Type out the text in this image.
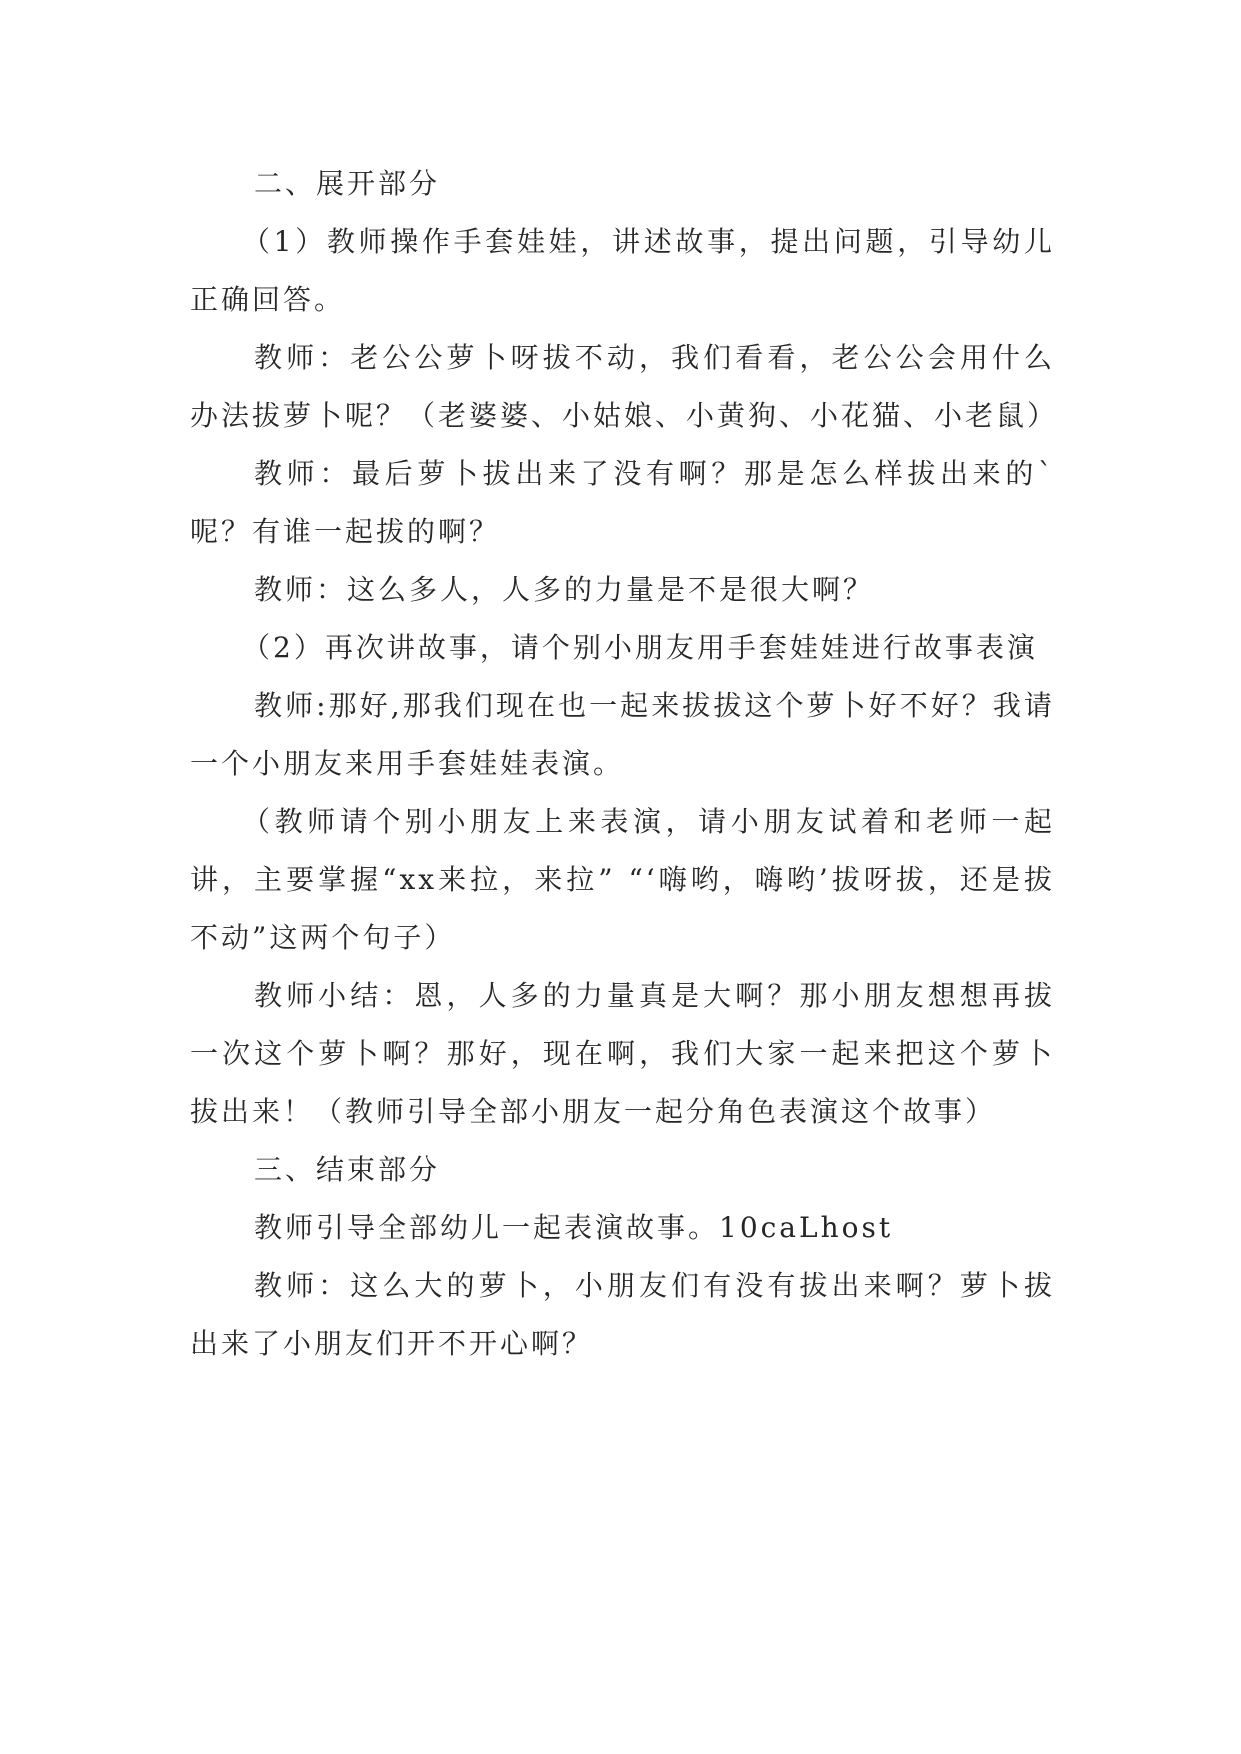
二、展开部分

（1）教师操作手套娃娃，讲述故事，提出问题，引导幼儿正确回答。

教师：老公公萝卜呀拔不动，我们看看，老公公会用什么办法拔萝卜呢？（老婆婆、小姑娘、小黄狗、小花猫、小老鼠）

教师：最后萝卜拔出来了没有啊？那是怎么样拔出来的`呢？有谁一起拔的啊？

教师：这么多人，人多的力量是不是很大啊？

（2）再次讲故事，请个别小朋友用手套娃娃进行故事表演

教师:那好,那我们现在也一起来拔拔这个萝卜好不好？我请一个小朋友来用手套娃娃表演。

（教师请个别小朋友上来表演，请小朋友试着和老师一起讲，主要掌握“xx来拉，来拉” “‘嗨哟，嗨哟’拔呀拔，还是拔不动”这两个句子）

教师小结：恩，人多的力量真是大啊？那小朋友想想再拔一次这个萝卜啊？那好，现在啊，我们大家一起来把这个萝卜拔出来！（教师引导全部小朋友一起分角色表演这个故事）

三、结束部分

教师引导全部幼儿一起表演故事。10caLhost

教师：这么大的萝卜，小朋友们有没有拔出来啊？萝卜拔出来了小朋友们开不开心啊？
